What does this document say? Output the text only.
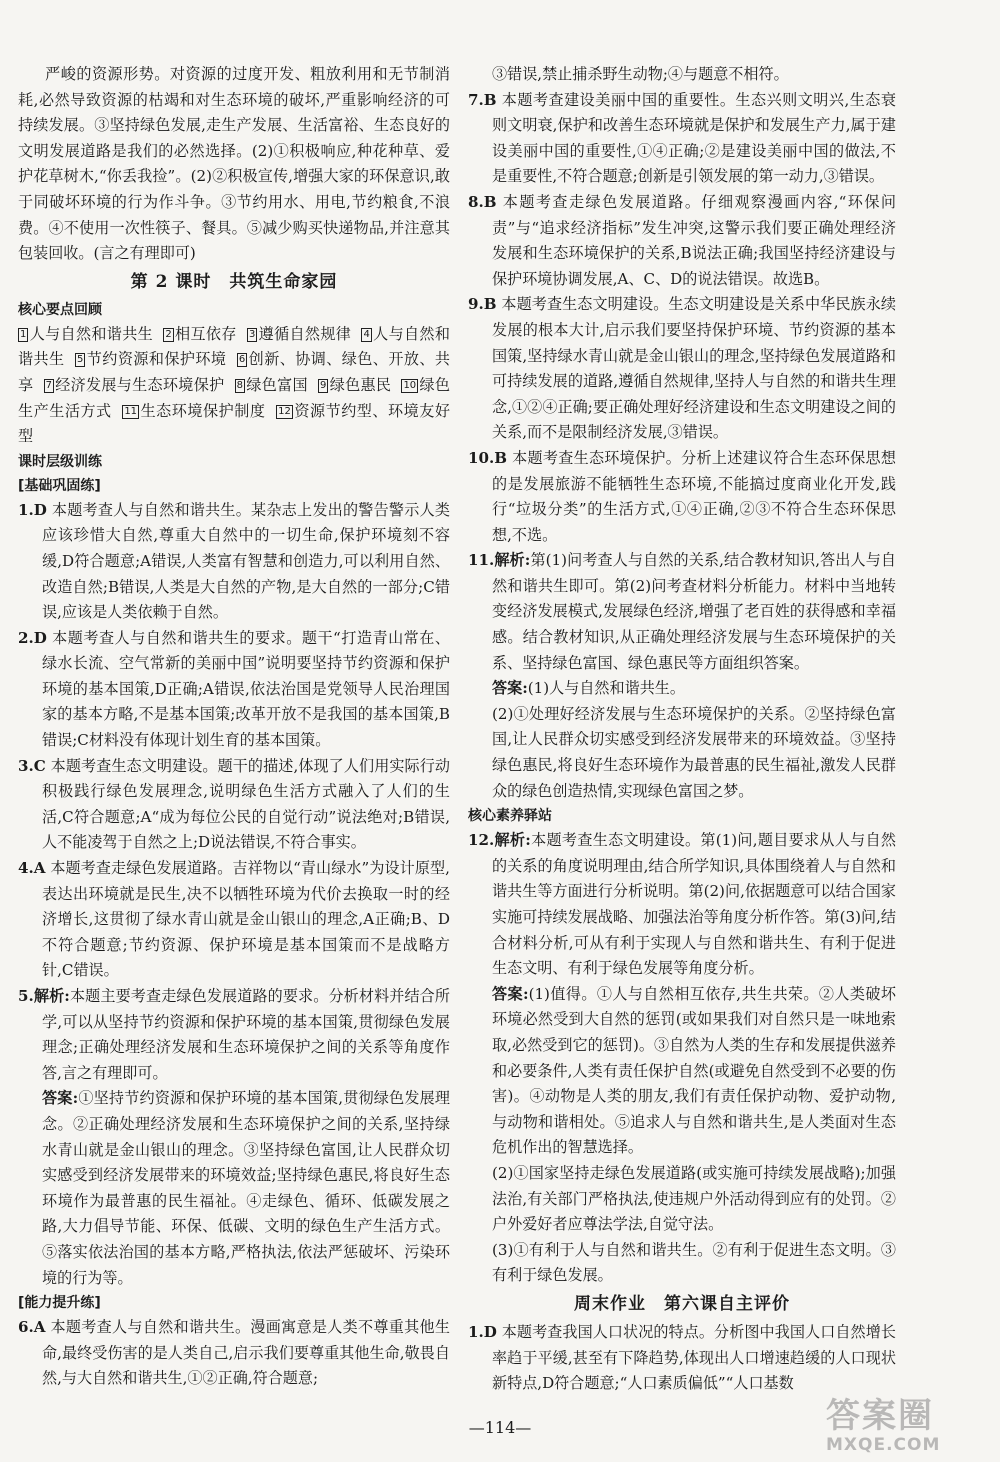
严峻的资源形势。对资源的过度开发、粗放利用和无节制消耗,必然导致资源的枯竭和对生态环境的破坏,严重影响经济的可持续发展。③坚持绿色发展,走生产发展、生活富裕、生态良好的文明发展道路是我们的必然选择。(2)①积极响应,种花种草、爱护花草树木,“你丢我捡”。(2)②积极宣传,增强大家的环保意识,敢于同破坏环境的行为作斗争。③节约用水、用电,节约粮食,不浪费。④不使用一次性筷子、餐具。⑤减少购买快递物品,并注意其包装回收。(言之有理即可)

第 2 课时　共筑生命家园
核心要点回顾

1 人与自然和谐共生 2 相互依存 3 遵循自然规律 4 人与自然和谐共生 5 节约资源和保护环境 6 创新、协调、绿色、开放、共享 7 经济发展与生态环境保护 8 绿色富国 9 绿色惠民 10 绿色生产生活方式 11 生态环境保护制度 12 资源节约型、环境友好型

课时层级训练
[基础巩固练]

1.D 本题考查人与自然和谐共生。某杂志上发出的警告警示人类应该珍惜大自然,尊重大自然中的一切生命,保护环境刻不容缓,D符合题意;A错误,人类富有智慧和创造力,可以利用自然、改造自然;B错误,人类是大自然的产物,是大自然的一部分;C错误,应该是人类依赖于自然。

2.D 本题考查人与自然和谐共生的要求。题干“打造青山常在、绿水长流、空气常新的美丽中国”说明要坚持节约资源和保护环境的基本国策,D正确;A错误,依法治国是党领导人民治理国家的基本方略,不是基本国策;改革开放不是我国的基本国策,B错误;C材料没有体现计划生育的基本国策。

3.C 本题考查生态文明建设。题干的描述,体现了人们用实际行动积极践行绿色发展理念,说明绿色生活方式融入了人们的生活,C符合题意;A“成为每位公民的自觉行动”说法绝对;B错误,人不能凌驾于自然之上;D说法错误,不符合事实。

4.A 本题考查走绿色发展道路。吉祥物以“青山绿水”为设计原型,表达出环境就是民生,决不以牺牲环境为代价去换取一时的经济增长,这贯彻了绿水青山就是金山银山的理念,A正确;B、D不符合题意;节约资源、保护环境是基本国策而不是战略方针,C错误。

5.解析:本题主要考查走绿色发展道路的要求。分析材料并结合所学,可以从坚持节约资源和保护环境的基本国策,贯彻绿色发展理念;正确处理经济发展和生态环境保护之间的关系等角度作答,言之有理即可。

答案:①坚持节约资源和保护环境的基本国策,贯彻绿色发展理念。②正确处理经济发展和生态环境保护之间的关系,坚持绿水青山就是金山银山的理念。③坚持绿色富国,让人民群众切实感受到经济发展带来的环境效益;坚持绿色惠民,将良好生态环境作为最普惠的民生福祉。④走绿色、循环、低碳发展之路,大力倡导节能、环保、低碳、文明的绿色生产生活方式。⑤落实依法治国的基本方略,严格执法,依法严惩破坏、污染环境的行为等。

[能力提升练]

6.A 本题考查人与自然和谐共生。漫画寓意是人类不尊重其他生命,最终受伤害的是人类自己,启示我们要尊重其他生命,敬畏自然,与大自然和谐共生,①②正确,符合题意;

③错误,禁止捕杀野生动物;④与题意不相符。

7.B 本题考查建设美丽中国的重要性。生态兴则文明兴,生态衰则文明衰,保护和改善生态环境就是保护和发展生产力,属于建设美丽中国的重要性,①④正确;②是建设美丽中国的做法,不是重要性,不符合题意;创新是引领发展的第一动力,③错误。

8.B 本题考查走绿色发展道路。仔细观察漫画内容,“环保问责”与“追求经济指标”发生冲突,这警示我们要正确处理经济发展和生态环境保护的关系,B说法正确;我国坚持经济建设与保护环境协调发展,A、C、D的说法错误。故选B。

9.B 本题考查生态文明建设。生态文明建设是关系中华民族永续发展的根本大计,启示我们要坚持保护环境、节约资源的基本国策,坚持绿水青山就是金山银山的理念,坚持绿色发展道路和可持续发展的道路,遵循自然规律,坚持人与自然的和谐共生理念,①②④正确;要正确处理好经济建设和生态文明建设之间的关系,而不是限制经济发展,③错误。

10.B 本题考查生态环境保护。分析上述建议符合生态环保思想的是发展旅游不能牺牲生态环境,不能搞过度商业化开发,践行“垃圾分类”的生活方式,①④正确,②③不符合生态环保思想,不选。

11.解析:第(1)问考查人与自然的关系,结合教材知识,答出人与自然和谐共生即可。第(2)问考查材料分析能力。材料中当地转变经济发展模式,发展绿色经济,增强了老百姓的获得感和幸福感。结合教材知识,从正确处理经济发展与生态环境保护的关系、坚持绿色富国、绿色惠民等方面组织答案。

答案:(1)人与自然和谐共生。

(2)①处理好经济发展与生态环境保护的关系。②坚持绿色富国,让人民群众切实感受到经济发展带来的环境效益。③坚持绿色惠民,将良好生态环境作为最普惠的民生福祉,激发人民群众的绿色创造热情,实现绿色富国之梦。

核心素养驿站

12.解析:本题考查生态文明建设。第(1)问,题目要求从人与自然的关系的角度说明理由,结合所学知识,具体围绕着人与自然和谐共生等方面进行分析说明。第(2)问,依据题意可以结合国家实施可持续发展战略、加强法治等角度分析作答。第(3)问,结合材料分析,可从有利于实现人与自然和谐共生、有利于促进生态文明、有利于绿色发展等角度分析。

答案:(1)值得。①人与自然相互依存,共生共荣。②人类破坏环境必然受到大自然的惩罚(或如果我们对自然只是一味地索取,必然受到它的惩罚)。③自然为人类的生存和发展提供滋养和必要条件,人类有责任保护自然(或避免自然受到不必要的伤害)。④动物是人类的朋友,我们有责任保护动物、爱护动物,与动物和谐相处。⑤追求人与自然和谐共生,是人类面对生态危机作出的智慧选择。

(2)①国家坚持走绿色发展道路(或实施可持续发展战略);加强法治,有关部门严格执法,使违规户外活动得到应有的处罚。②户外爱好者应尊法学法,自觉守法。

(3)①有利于人与自然和谐共生。②有利于促进生态文明。③有利于绿色发展。

周末作业　第六课自主评价

1.D 本题考查我国人口状况的特点。分析图中我国人口自然增长率趋于平缓,甚至有下降趋势,体现出人口增速趋缓的人口现状新特点,D符合题意;“人口素质偏低”“人口基数

—114—	答案圈
MXQE.COM
